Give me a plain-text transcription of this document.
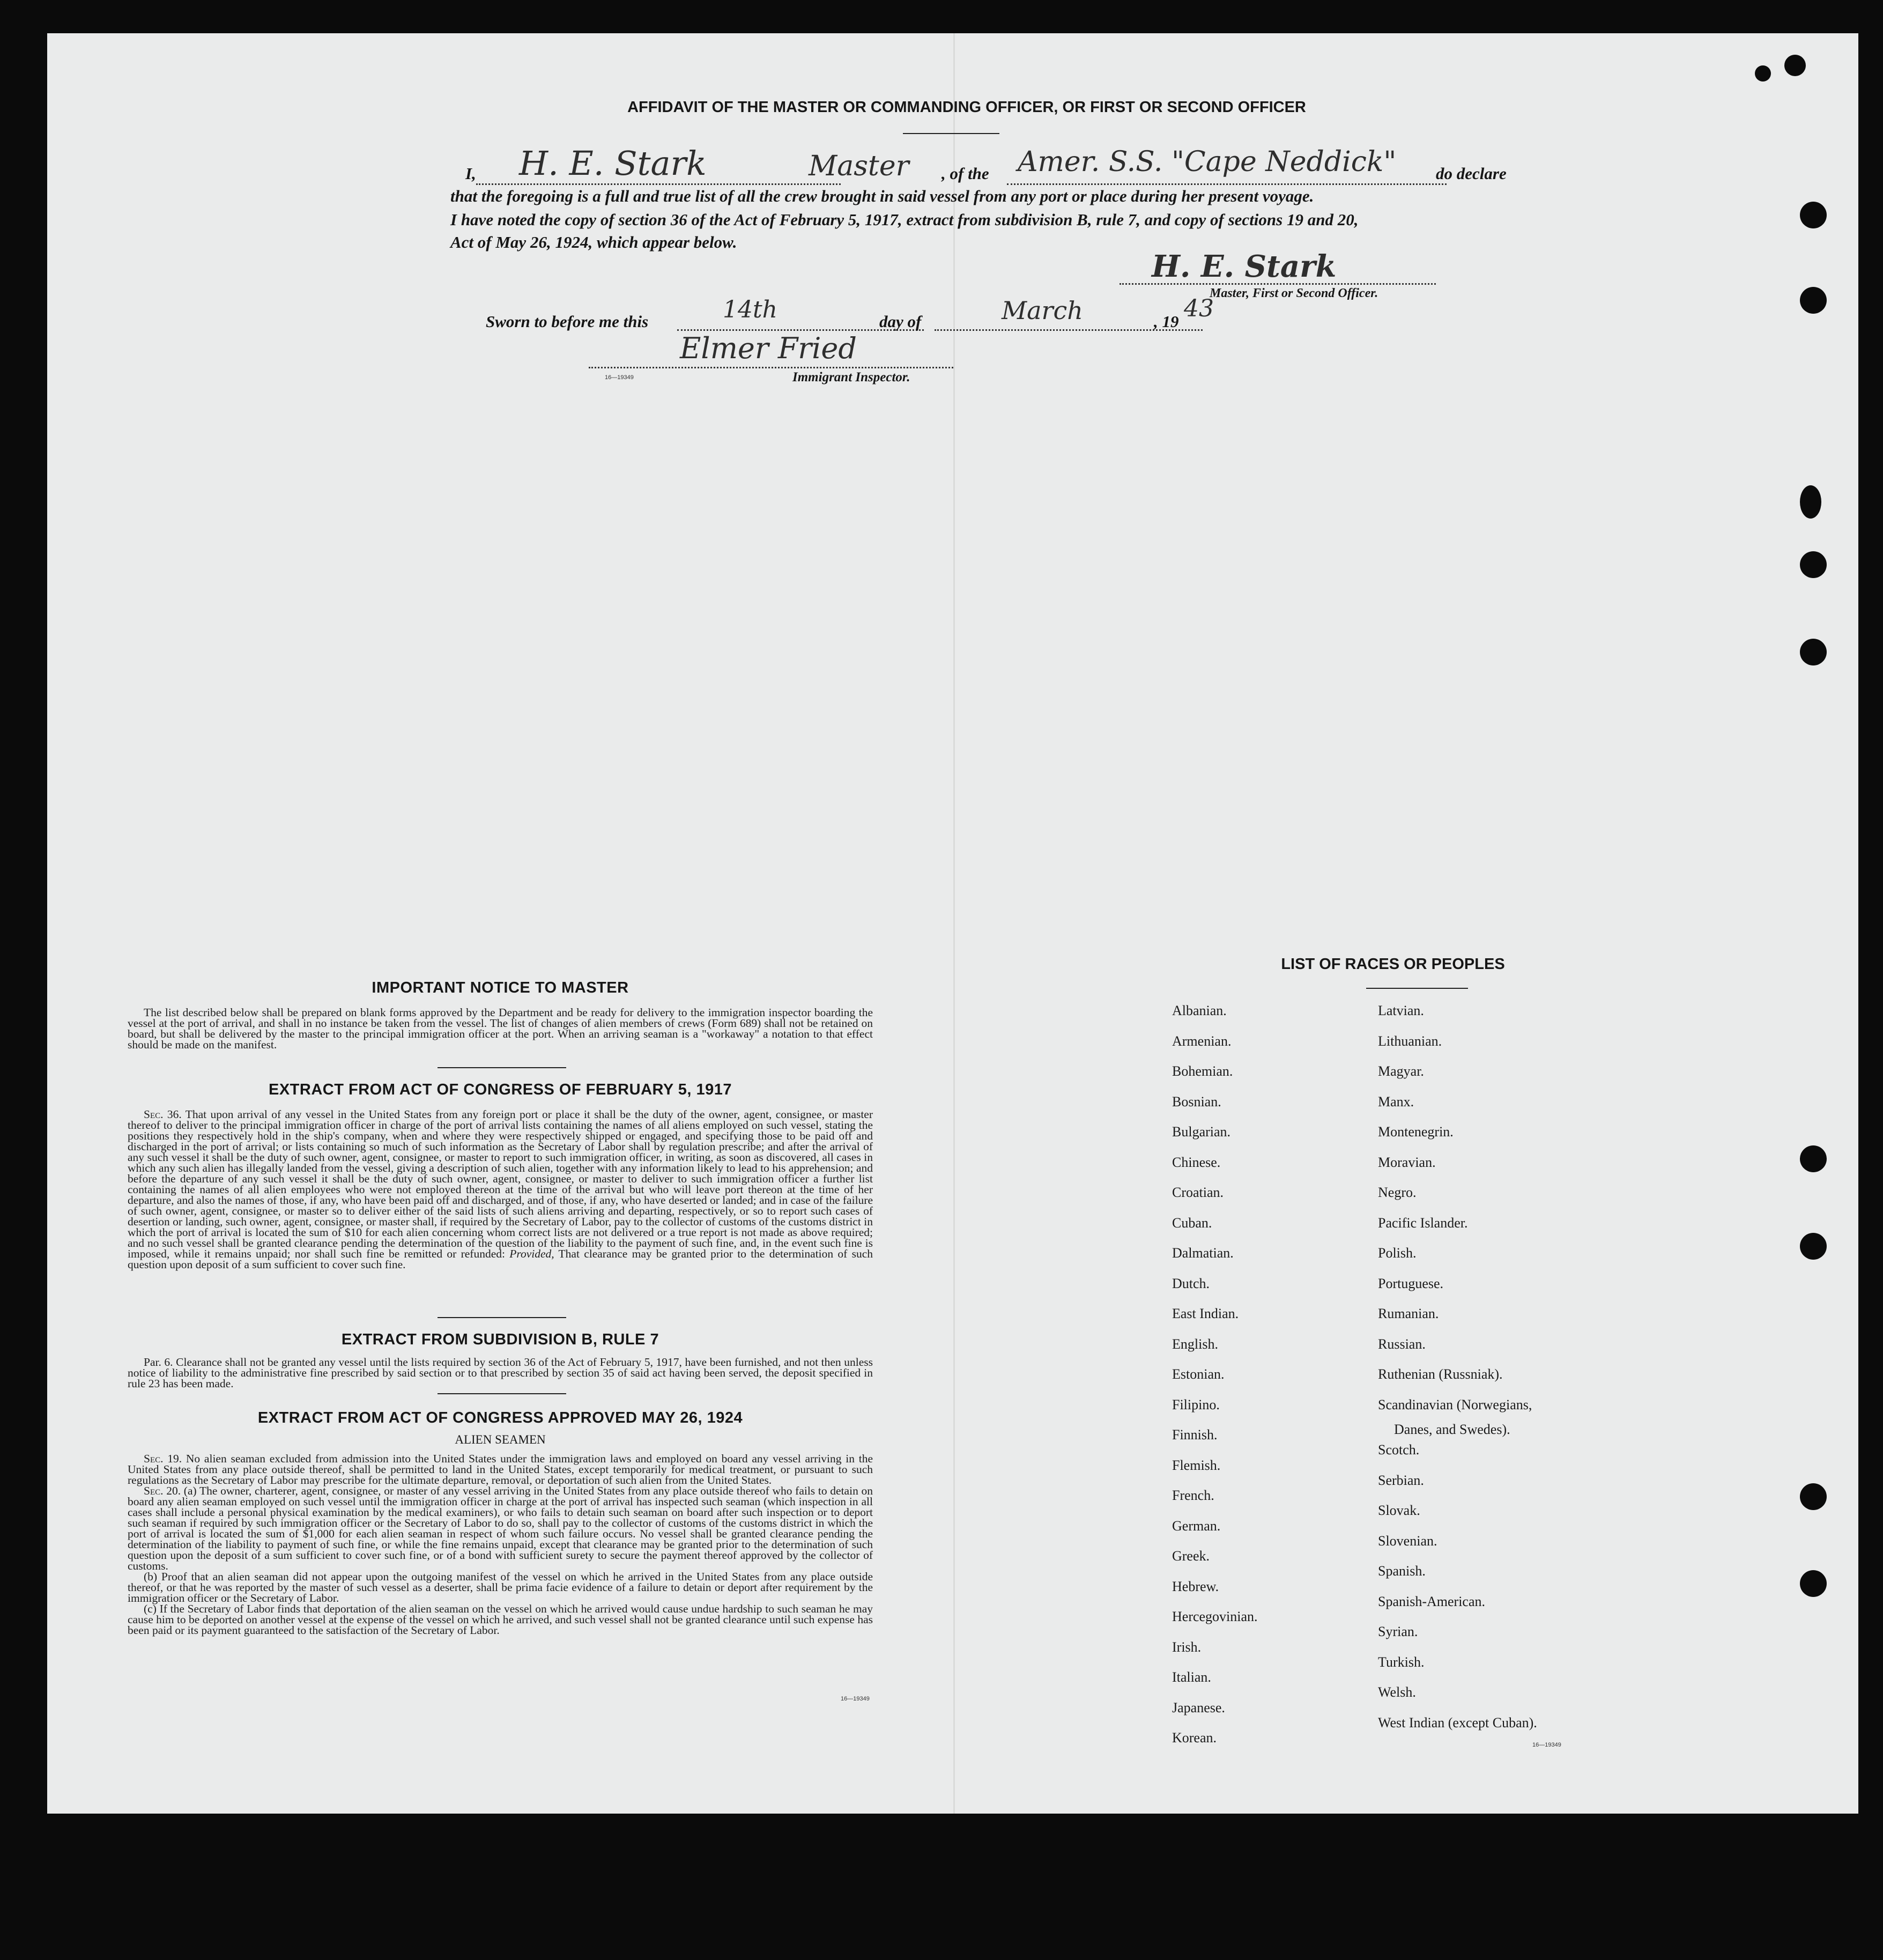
AFFIDAVIT OF THE MASTER OR COMMANDING OFFICER, OR FIRST OR SECOND OFFICER
I, H. E. Stark	Master , of the Amer. S.S. "Cape Neddick" do declare
that the foregoing is a full and true list of all the crew brought in said vessel from any port or place during her present voyage.
I have noted the copy of section 36 of the Act of February 5, 1917, extract from subdivision B, rule 7, and copy of sections 19 and 20,
Act of May 26, 1924, which appear below.
H. E. Stark
Master, First or Second Officer.
Sworn to before me this	14th	day of	March	, 19 43
Elmer Fried
16—19349	Immigrant Inspector.
IMPORTANT NOTICE TO MASTER
The list described below shall be prepared on blank forms approved by the Department and be ready for delivery to the immigration inspector boarding the vessel at the port of arrival, and shall in no instance be taken from the vessel. The list of changes of alien members of crews (Form 689) shall not be retained on board, but shall be delivered by the master to the principal immigration officer at the port. When an arriving seaman is a "workaway" a notation to that effect should be made on the manifest.
EXTRACT FROM ACT OF CONGRESS OF FEBRUARY 5, 1917
Sec. 36. That upon arrival of any vessel in the United States from any foreign port or place it shall be the duty of the owner, agent, consignee, or master thereof to deliver to the principal immigration officer in charge of the port of arrival lists containing the names of all aliens employed on such vessel, stating the positions they respectively hold in the ship's company, when and where they were respectively shipped or engaged, and specifying those to be paid off and discharged in the port of arrival; or lists containing so much of such information as the Secretary of Labor shall by regulation prescribe; and after the arrival of any such vessel it shall be the duty of such owner, agent, consignee, or master to report to such immigration officer, in writing, as soon as discovered, all cases in which any such alien has illegally landed from the vessel, giving a description of such alien, together with any information likely to lead to his apprehension; and before the departure of any such vessel it shall be the duty of such owner, agent, consignee, or master to deliver to such immigration officer a further list containing the names of all alien employees who were not employed thereon at the time of the arrival but who will leave port thereon at the time of her departure, and also the names of those, if any, who have been paid off and discharged, and of those, if any, who have deserted or landed; and in case of the failure of such owner, agent, consignee, or master so to deliver either of the said lists of such aliens arriving and departing, respectively, or so to report such cases of desertion or landing, such owner, agent, consignee, or master shall, if required by the Secretary of Labor, pay to the collector of customs of the customs district in which the port of arrival is located the sum of $10 for each alien concerning whom correct lists are not delivered or a true report is not made as above required; and no such vessel shall be granted clearance pending the determination of the question of the liability to the payment of such fine, and, in the event such fine is imposed, while it remains unpaid; nor shall such fine be remitted or refunded: Provided, That clearance may be granted prior to the determination of such question upon deposit of a sum sufficient to cover such fine.
EXTRACT FROM SUBDIVISION B, RULE 7
Par. 6. Clearance shall not be granted any vessel until the lists required by section 36 of the Act of February 5, 1917, have been furnished, and not then unless notice of liability to the administrative fine prescribed by said section or to that prescribed by section 35 of said act having been served, the deposit specified in rule 23 has been made.
EXTRACT FROM ACT OF CONGRESS APPROVED MAY 26, 1924
ALIEN SEAMEN
Sec. 19. No alien seaman excluded from admission into the United States under the immigration laws and employed on board any vessel arriving in the United States from any place outside thereof, shall be permitted to land in the United States, except temporarily for medical treatment, or pursuant to such regulations as the Secretary of Labor may prescribe for the ultimate departure, removal, or deportation of such alien from the United States.
Sec. 20. (a) The owner, charterer, agent, consignee, or master of any vessel arriving in the United States from any place outside thereof who fails to detain on board any alien seaman employed on such vessel until the immigration officer in charge at the port of arrival has inspected such seaman (which inspection in all cases shall include a personal physical examination by the medical examiners), or who fails to detain such seaman on board after such inspection or to deport such seaman if required by such immigration officer or the Secretary of Labor to do so, shall pay to the collector of customs of the customs district in which the port of arrival is located the sum of $1,000 for each alien seaman in respect of whom such failure occurs. No vessel shall be granted clearance pending the determination of the liability to payment of such fine, or while the fine remains unpaid, except that clearance may be granted prior to the determination of such question upon the deposit of a sum sufficient to cover such fine, or of a bond with sufficient surety to secure the payment thereof approved by the collector of customs.
(b) Proof that an alien seaman did not appear upon the outgoing manifest of the vessel on which he arrived in the United States from any place outside thereof, or that he was reported by the master of such vessel as a deserter, shall be prima facie evidence of a failure to detain or deport after requirement by the immigration officer or the Secretary of Labor.
(c) If the Secretary of Labor finds that deportation of the alien seaman on the vessel on which he arrived would cause undue hardship to such seaman he may cause him to be deported on another vessel at the expense of the vessel on which he arrived, and such vessel shall not be granted clearance until such expense has been paid or its payment guaranteed to the satisfaction of the Secretary of Labor.
16—19349
LIST OF RACES OR PEOPLES
Danes, and Swedes).
16—19349
Albanian.
Armenian.
Bohemian.
Bosnian.
Bulgarian.
Chinese.
Croatian.
Cuban.
Dalmatian.
Dutch.
East Indian.
English.
Estonian.
Filipino.
Finnish.
Flemish.
French.
German.
Greek.
Hebrew.
Hercegovinian.
Irish.
Italian.
Japanese.
Korean.
Latvian.
Lithuanian.
Magyar.
Manx.
Montenegrin.
Moravian.
Negro.
Pacific Islander.
Polish.
Portuguese.
Rumanian.
Russian.
Ruthenian (Russniak).
Scandinavian (Norwegians,
Scotch.
Serbian.
Slovak.
Slovenian.
Spanish.
Spanish-American.
Syrian.
Turkish.
Welsh.
West Indian (except Cuban).
